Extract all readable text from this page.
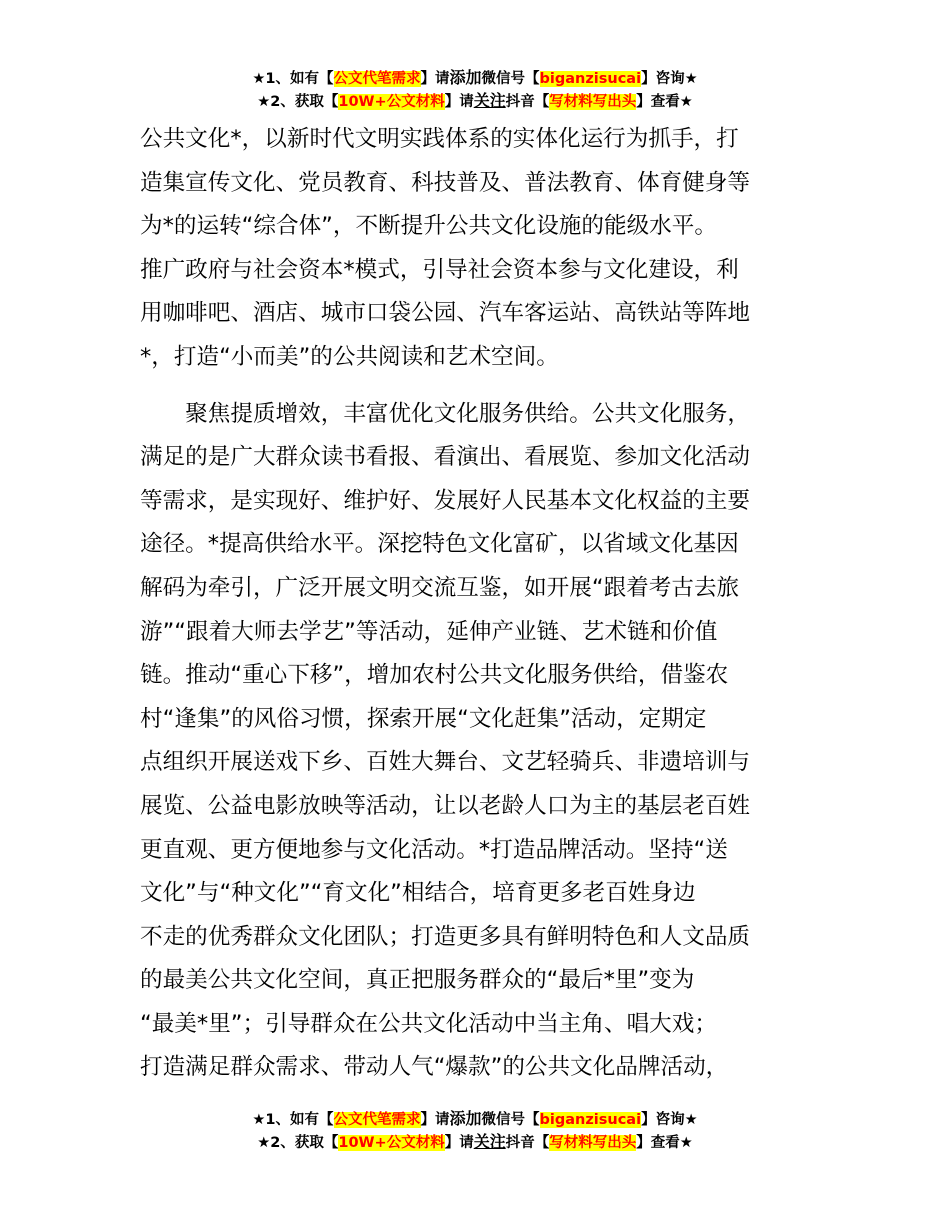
★1、如有【公文代笔需求】请添加微信号【biganzisucai】咨询★
★2、获取【10W+公文材料】请关注抖音【写材料写出头】查看★

公共文化*，以新时代文明实践体系的实体化运行为抓手，打
造集宣传文化、党员教育、科技普及、普法教育、体育健身等
为*的运转“综合体”，不断提升公共文化设施的能级水平。
推广政府与社会资本*模式，引导社会资本参与文化建设，利
用咖啡吧、酒店、城市口袋公园、汽车客运站、高铁站等阵地
*，打造“小而美”的公共阅读和艺术空间。

　　聚焦提质增效，丰富优化文化服务供给。公共文化服务，
满足的是广大群众读书看报、看演出、看展览、参加文化活动
等需求，是实现好、维护好、发展好人民基本文化权益的主要
途径。*提高供给水平。深挖特色文化富矿，以省域文化基因
解码为牵引，广泛开展文明交流互鉴，如开展“跟着考古去旅
游”“跟着大师去学艺”等活动，延伸产业链、艺术链和价值
链。推动“重心下移”，增加农村公共文化服务供给，借鉴农
村“逢集”的风俗习惯，探索开展“文化赶集”活动，定期定
点组织开展送戏下乡、百姓大舞台、文艺轻骑兵、非遗培训与
展览、公益电影放映等活动，让以老龄人口为主的基层老百姓
更直观、更方便地参与文化活动。*打造品牌活动。坚持“送
文化”与“种文化”“育文化”相结合，培育更多老百姓身边
不走的优秀群众文化团队；打造更多具有鲜明特色和人文品质
的最美公共文化空间，真正把服务群众的“最后*里”变为
“最美*里”；引导群众在公共文化活动中当主角、唱大戏；
打造满足群众需求、带动人气“爆款”的公共文化品牌活动，

★1、如有【公文代笔需求】请添加微信号【biganzisucai】咨询★
★2、获取【10W+公文材料】请关注抖音【写材料写出头】查看★
